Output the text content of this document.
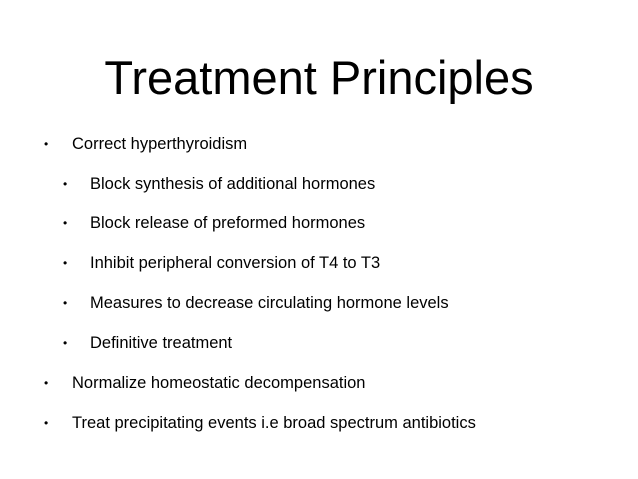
Treatment Principles
• Correct hyperthyroidism
• Block synthesis of additional hormones
• Block release of preformed hormones
• Inhibit peripheral conversion of T4 to T3
• Measures to decrease circulating hormone levels
• Definitive treatment
• Normalize homeostatic decompensation
• Treat precipitating events i.e broad spectrum antibiotics
